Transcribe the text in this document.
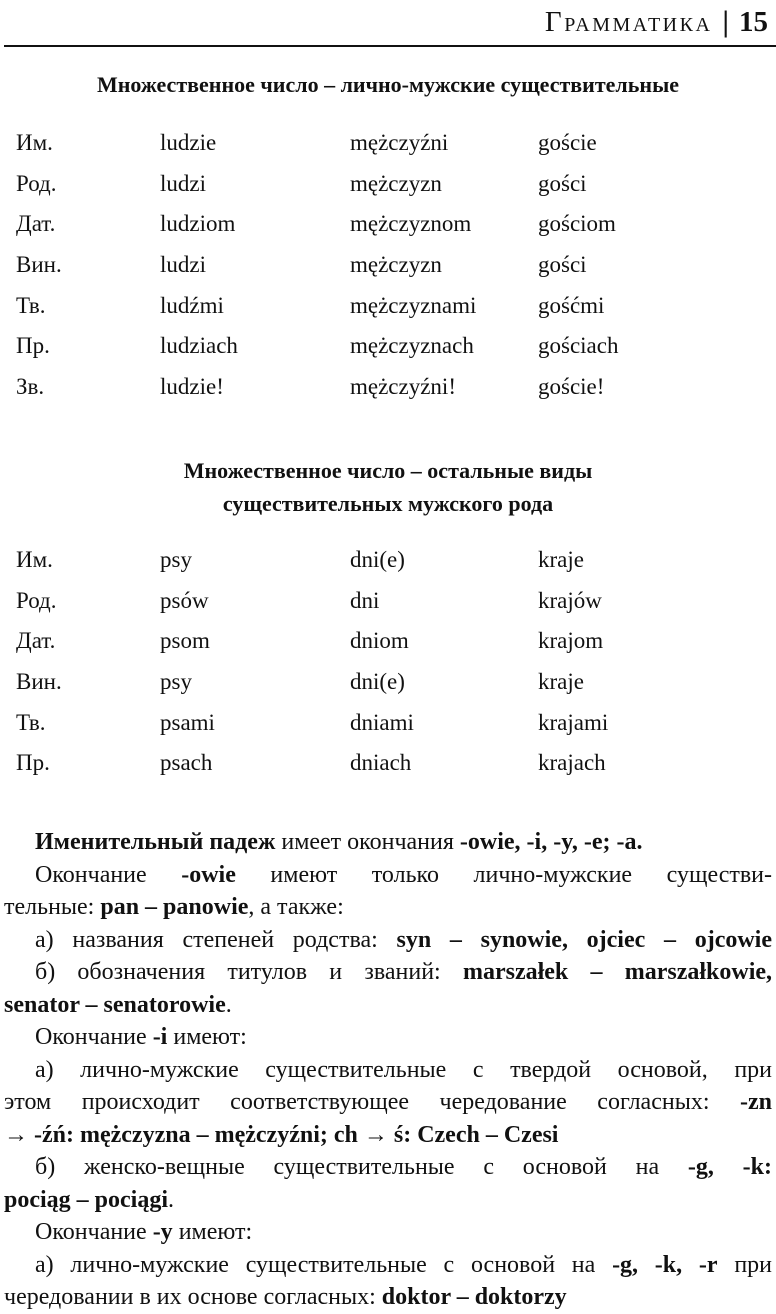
Грамматика | 15
Множественное число – лично-мужские существительные
Им.	ludzie	mężczyźni	goście
Род.	ludzi	mężczyzn	gości
Дат.	ludziom	mężczyznom	gościom
Вин.	ludzi	mężczyzn	gości
Тв.	ludźmi	mężczyznami	gośćmi
Пр.	ludziach	mężczyznach	gościach
Зв.	ludzie!	mężczyźni!	goście!
Множественное число – остальные виды
существительных мужского рода
Им.	psy	dni(e)	kraje
Род.	psów	dni	krajów
Дат.	psom	dniom	krajom
Вин.	psy	dni(e)	kraje
Тв.	psami	dniami	krajami
Пр.	psach	dniach	krajach
Именительный падеж имеет окончания -owie, -i, -y, -e; -a.
Окончание -owie имеют только лично-мужские существи-
тельные: pan – panowie, а также:
а) названия степеней родства: syn – synowie, ojciec – ojcowie
б) обозначения титулов и званий: marszałek – marszałkowie,
senator – senatorowie.
Окончание -i имеют:
а) лично-мужские существительные с твердой основой, при
этом происходит соответствующее чередование согласных: -zn
→ -źń: mężczyzna – mężczyźni; ch → ś: Czech – Czesi
б) женско-вещные существительные с основой на -g, -k:
pociąg – pociągi.
Окончание -y имеют:
а) лично-мужские существительные с основой на -g, -k, -r при
чередовании в их основе согласных: doktor – doktorzy
